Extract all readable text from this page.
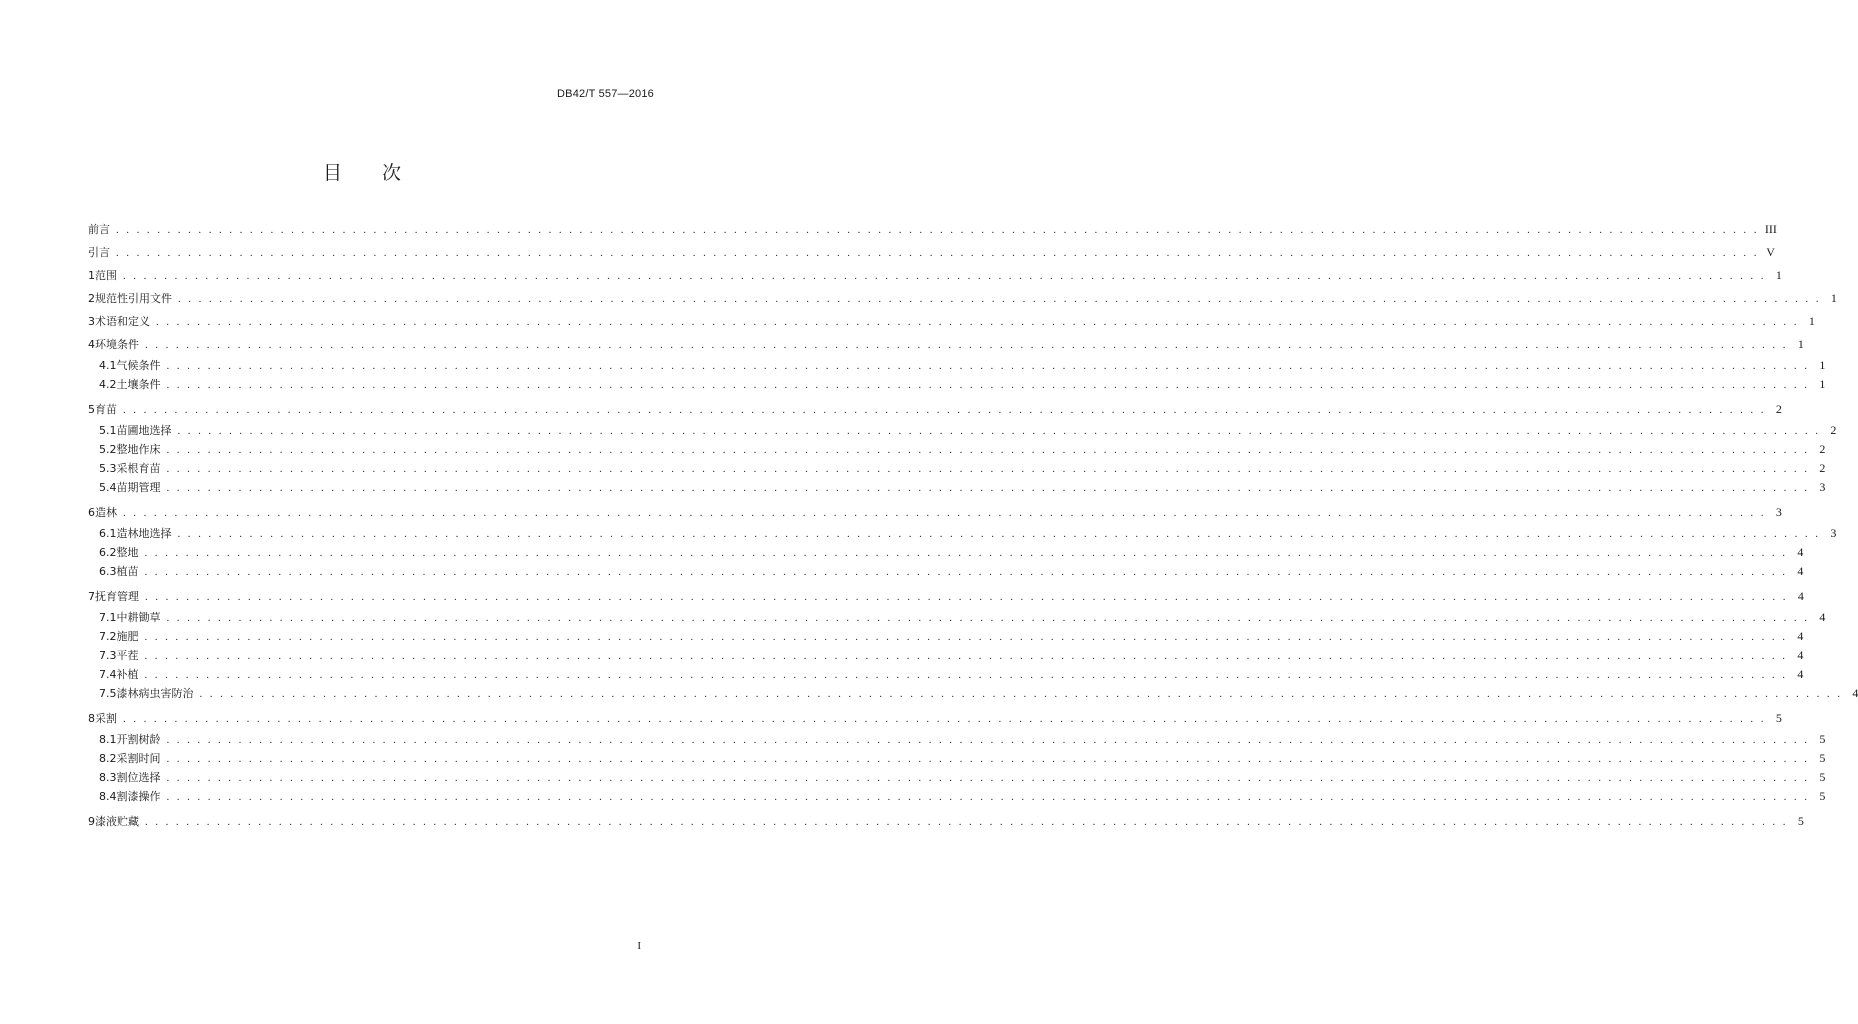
DB42/T 557—2016
目 次
前言 . . . . . . . . . . . . . . . . . . . . . . . . . . . . . . . . . . . . . . . . . . . . . . . . . . . . . . . . . . . . . . . . . . . . . . . . . . . . . . . . . . . . . . . . . . . . . . . . . . . . . . . . . . . . . . . . . . . . . . . . . . . . . . . . . . . . . . . . . . . . . . . . . . . . . . . . . . . . . . . . III
引言 . . . . . . . . . . . . . . . . . . . . . . . . . . . . . . . . . . . . . . . . . . . . . . . . . . . . . . . . . . . . . . . . . . . . . . . . . . . . . . . . . . . . . . . . . . . . . . . . . . . . . . . . . . . . . . . . . . . . . . . . . . . . . . . . . . . . . . . . . . . . . . . . . . . . . . . . . . . . . . . . V
1 范围 . . . . . . . . . . . . . . . . . . . . . . . . . . . . . . . . . . . . . . . . . . . . . . . . . . . . . . . . . . . . . . . . . . . . . . . . . . . . . . . . . . . . . . . . . . . . . . . . . . . . . . . . . . . . . . . . . . . . . . . . . . . . . . . . . . . . . . . . . . . . . . . . . . . . . . . . . . . . . . . . 1
2 规范性引用文件 . . . . . . . . . . . . . . . . . . . . . . . . . . . . . . . . . . . . . . . . . . . . . . . . . . . . . . . . . . . . . . . . . . . . . . . . . . . . . . . . . . . . . . . . . . . . . . . . . . . . . . . . . . . . . . . . . . . . . . . . . . . . . . . . . . . . . . . . . . . . . . . . . . . . . . . . . . . . . . . . 1
3 术语和定义 . . . . . . . . . . . . . . . . . . . . . . . . . . . . . . . . . . . . . . . . . . . . . . . . . . . . . . . . . . . . . . . . . . . . . . . . . . . . . . . . . . . . . . . . . . . . . . . . . . . . . . . . . . . . . . . . . . . . . . . . . . . . . . . . . . . . . . . . . . . . . . . . . . . . . . . . . . . . . . . . 1
4 环境条件 . . . . . . . . . . . . . . . . . . . . . . . . . . . . . . . . . . . . . . . . . . . . . . . . . . . . . . . . . . . . . . . . . . . . . . . . . . . . . . . . . . . . . . . . . . . . . . . . . . . . . . . . . . . . . . . . . . . . . . . . . . . . . . . . . . . . . . . . . . . . . . . . . . . . . . . . . . . . . . . . 1
4.1 气候条件 . . . . . . . . . . . . . . . . . . . . . . . . . . . . . . . . . . . . . . . . . . . . . . . . . . . . . . . . . . . . . . . . . . . . . . . . . . . . . . . . . . . . . . . . . . . . . . . . . . . . . . . . . . . . . . . . . . . . . . . . . . . . . . . . . . . . . . . . . . . . . . . . . . . . . . . . . . . . . . . . 1
4.2 土壤条件 . . . . . . . . . . . . . . . . . . . . . . . . . . . . . . . . . . . . . . . . . . . . . . . . . . . . . . . . . . . . . . . . . . . . . . . . . . . . . . . . . . . . . . . . . . . . . . . . . . . . . . . . . . . . . . . . . . . . . . . . . . . . . . . . . . . . . . . . . . . . . . . . . . . . . . . . . . . . . . . . 1
5 育苗 . . . . . . . . . . . . . . . . . . . . . . . . . . . . . . . . . . . . . . . . . . . . . . . . . . . . . . . . . . . . . . . . . . . . . . . . . . . . . . . . . . . . . . . . . . . . . . . . . . . . . . . . . . . . . . . . . . . . . . . . . . . . . . . . . . . . . . . . . . . . . . . . . . . . . . . . . . . . . . . . 2
5.1 苗圃地选择 . . . . . . . . . . . . . . . . . . . . . . . . . . . . . . . . . . . . . . . . . . . . . . . . . . . . . . . . . . . . . . . . . . . . . . . . . . . . . . . . . . . . . . . . . . . . . . . . . . . . . . . . . . . . . . . . . . . . . . . . . . . . . . . . . . . . . . . . . . . . . . . . . . . . . . . . . . . . . . . . 2
5.2 整地作床 . . . . . . . . . . . . . . . . . . . . . . . . . . . . . . . . . . . . . . . . . . . . . . . . . . . . . . . . . . . . . . . . . . . . . . . . . . . . . . . . . . . . . . . . . . . . . . . . . . . . . . . . . . . . . . . . . . . . . . . . . . . . . . . . . . . . . . . . . . . . . . . . . . . . . . . . . . . . . . . . 2
5.3 采根育苗 . . . . . . . . . . . . . . . . . . . . . . . . . . . . . . . . . . . . . . . . . . . . . . . . . . . . . . . . . . . . . . . . . . . . . . . . . . . . . . . . . . . . . . . . . . . . . . . . . . . . . . . . . . . . . . . . . . . . . . . . . . . . . . . . . . . . . . . . . . . . . . . . . . . . . . . . . . . . . . . . 2
5.4 苗期管理 . . . . . . . . . . . . . . . . . . . . . . . . . . . . . . . . . . . . . . . . . . . . . . . . . . . . . . . . . . . . . . . . . . . . . . . . . . . . . . . . . . . . . . . . . . . . . . . . . . . . . . . . . . . . . . . . . . . . . . . . . . . . . . . . . . . . . . . . . . . . . . . . . . . . . . . . . . . . . . . . 3
6 造林 . . . . . . . . . . . . . . . . . . . . . . . . . . . . . . . . . . . . . . . . . . . . . . . . . . . . . . . . . . . . . . . . . . . . . . . . . . . . . . . . . . . . . . . . . . . . . . . . . . . . . . . . . . . . . . . . . . . . . . . . . . . . . . . . . . . . . . . . . . . . . . . . . . . . . . . . . . . . . . . . 3
6.1 造林地选择 . . . . . . . . . . . . . . . . . . . . . . . . . . . . . . . . . . . . . . . . . . . . . . . . . . . . . . . . . . . . . . . . . . . . . . . . . . . . . . . . . . . . . . . . . . . . . . . . . . . . . . . . . . . . . . . . . . . . . . . . . . . . . . . . . . . . . . . . . . . . . . . . . . . . . . . . . . . . . . . . 3
6.2 整地 . . . . . . . . . . . . . . . . . . . . . . . . . . . . . . . . . . . . . . . . . . . . . . . . . . . . . . . . . . . . . . . . . . . . . . . . . . . . . . . . . . . . . . . . . . . . . . . . . . . . . . . . . . . . . . . . . . . . . . . . . . . . . . . . . . . . . . . . . . . . . . . . . . . . . . . . . . . . . . . . 4
6.3 植苗 . . . . . . . . . . . . . . . . . . . . . . . . . . . . . . . . . . . . . . . . . . . . . . . . . . . . . . . . . . . . . . . . . . . . . . . . . . . . . . . . . . . . . . . . . . . . . . . . . . . . . . . . . . . . . . . . . . . . . . . . . . . . . . . . . . . . . . . . . . . . . . . . . . . . . . . . . . . . . . . . 4
7 抚育管理 . . . . . . . . . . . . . . . . . . . . . . . . . . . . . . . . . . . . . . . . . . . . . . . . . . . . . . . . . . . . . . . . . . . . . . . . . . . . . . . . . . . . . . . . . . . . . . . . . . . . . . . . . . . . . . . . . . . . . . . . . . . . . . . . . . . . . . . . . . . . . . . . . . . . . . . . . . . . . . . . 4
7.1 中耕锄草 . . . . . . . . . . . . . . . . . . . . . . . . . . . . . . . . . . . . . . . . . . . . . . . . . . . . . . . . . . . . . . . . . . . . . . . . . . . . . . . . . . . . . . . . . . . . . . . . . . . . . . . . . . . . . . . . . . . . . . . . . . . . . . . . . . . . . . . . . . . . . . . . . . . . . . . . . . . . . . . . 4
7.2 施肥 . . . . . . . . . . . . . . . . . . . . . . . . . . . . . . . . . . . . . . . . . . . . . . . . . . . . . . . . . . . . . . . . . . . . . . . . . . . . . . . . . . . . . . . . . . . . . . . . . . . . . . . . . . . . . . . . . . . . . . . . . . . . . . . . . . . . . . . . . . . . . . . . . . . . . . . . . . . . . . . . 4
7.3 平茬 . . . . . . . . . . . . . . . . . . . . . . . . . . . . . . . . . . . . . . . . . . . . . . . . . . . . . . . . . . . . . . . . . . . . . . . . . . . . . . . . . . . . . . . . . . . . . . . . . . . . . . . . . . . . . . . . . . . . . . . . . . . . . . . . . . . . . . . . . . . . . . . . . . . . . . . . . . . . . . . . 4
7.4 补植 . . . . . . . . . . . . . . . . . . . . . . . . . . . . . . . . . . . . . . . . . . . . . . . . . . . . . . . . . . . . . . . . . . . . . . . . . . . . . . . . . . . . . . . . . . . . . . . . . . . . . . . . . . . . . . . . . . . . . . . . . . . . . . . . . . . . . . . . . . . . . . . . . . . . . . . . . . . . . . . . 4
7.5 漆林病虫害防治 . . . . . . . . . . . . . . . . . . . . . . . . . . . . . . . . . . . . . . . . . . . . . . . . . . . . . . . . . . . . . . . . . . . . . . . . . . . . . . . . . . . . . . . . . . . . . . . . . . . . . . . . . . . . . . . . . . . . . . . . . . . . . . . . . . . . . . . . . . . . . . . . . . . . . . . . . . . . . . . . 4
8 采割 . . . . . . . . . . . . . . . . . . . . . . . . . . . . . . . . . . . . . . . . . . . . . . . . . . . . . . . . . . . . . . . . . . . . . . . . . . . . . . . . . . . . . . . . . . . . . . . . . . . . . . . . . . . . . . . . . . . . . . . . . . . . . . . . . . . . . . . . . . . . . . . . . . . . . . . . . . . . . . . . 5
8.1 开割树龄 . . . . . . . . . . . . . . . . . . . . . . . . . . . . . . . . . . . . . . . . . . . . . . . . . . . . . . . . . . . . . . . . . . . . . . . . . . . . . . . . . . . . . . . . . . . . . . . . . . . . . . . . . . . . . . . . . . . . . . . . . . . . . . . . . . . . . . . . . . . . . . . . . . . . . . . . . . . . . . . . 5
8.2 采割时间 . . . . . . . . . . . . . . . . . . . . . . . . . . . . . . . . . . . . . . . . . . . . . . . . . . . . . . . . . . . . . . . . . . . . . . . . . . . . . . . . . . . . . . . . . . . . . . . . . . . . . . . . . . . . . . . . . . . . . . . . . . . . . . . . . . . . . . . . . . . . . . . . . . . . . . . . . . . . . . . . 5
8.3 割位选择 . . . . . . . . . . . . . . . . . . . . . . . . . . . . . . . . . . . . . . . . . . . . . . . . . . . . . . . . . . . . . . . . . . . . . . . . . . . . . . . . . . . . . . . . . . . . . . . . . . . . . . . . . . . . . . . . . . . . . . . . . . . . . . . . . . . . . . . . . . . . . . . . . . . . . . . . . . . . . . . . 5
8.4 割漆操作 . . . . . . . . . . . . . . . . . . . . . . . . . . . . . . . . . . . . . . . . . . . . . . . . . . . . . . . . . . . . . . . . . . . . . . . . . . . . . . . . . . . . . . . . . . . . . . . . . . . . . . . . . . . . . . . . . . . . . . . . . . . . . . . . . . . . . . . . . . . . . . . . . . . . . . . . . . . . . . . . 5
9 漆液贮藏 . . . . . . . . . . . . . . . . . . . . . . . . . . . . . . . . . . . . . . . . . . . . . . . . . . . . . . . . . . . . . . . . . . . . . . . . . . . . . . . . . . . . . . . . . . . . . . . . . . . . . . . . . . . . . . . . . . . . . . . . . . . . . . . . . . . . . . . . . . . . . . . . . . . . . . . . . . . . . . . . 5
I
